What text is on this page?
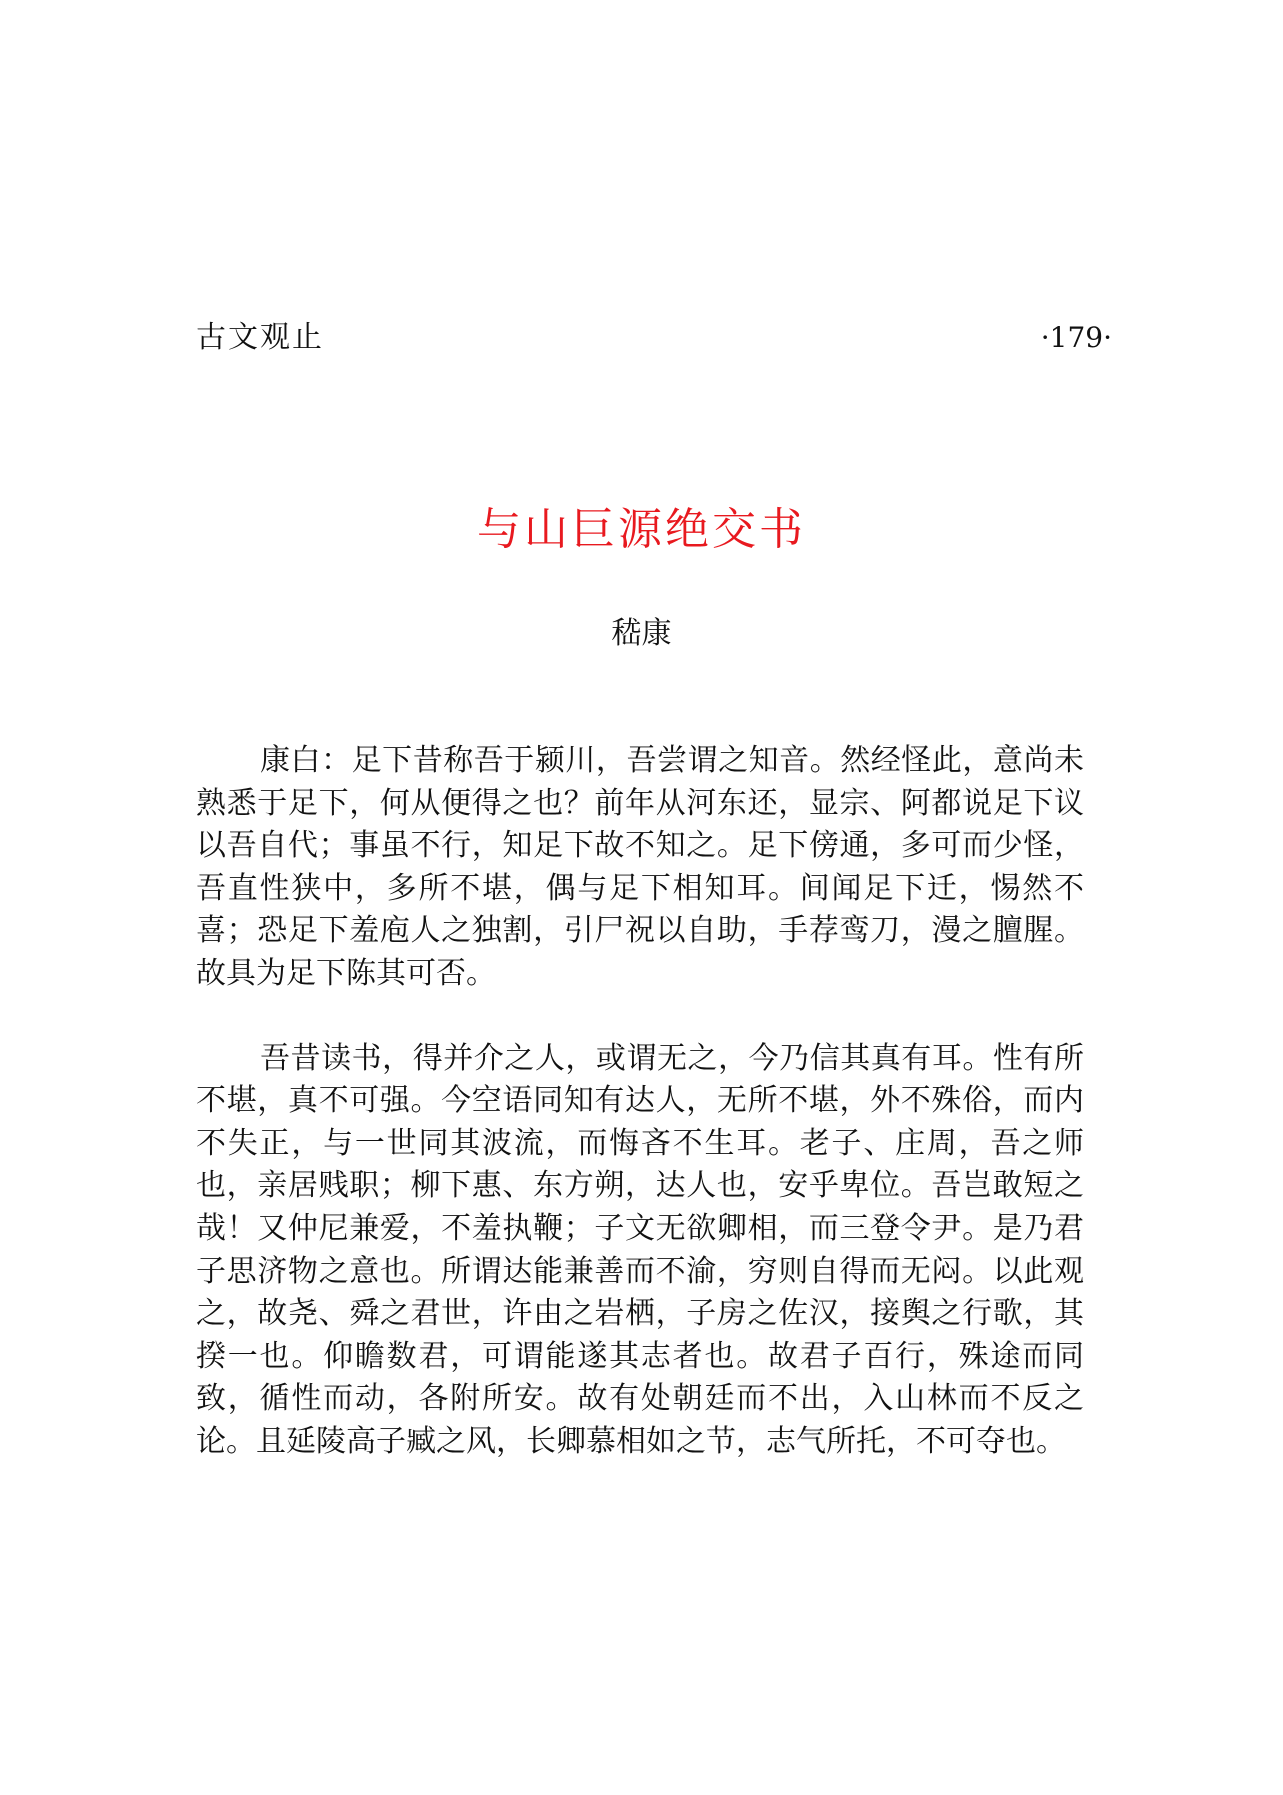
古文观止	·179·
与山巨源绝交书
嵇康

康白：足下昔称吾于颍川，吾尝谓之知音。然经怪此，意尚未熟悉于足下，何从便得之也？前年从河东还，显宗、阿都说足下议以吾自代；事虽不行，知足下故不知之。足下傍通，多可而少怪，吾直性狭中，多所不堪，偶与足下相知耳。间闻足下迁，惕然不喜；恐足下羞庖人之独割，引尸祝以自助，手荐鸾刀，漫之膻腥。故具为足下陈其可否。

吾昔读书，得并介之人，或谓无之，今乃信其真有耳。性有所不堪，真不可强。今空语同知有达人，无所不堪，外不殊俗，而内不失正，与一世同其波流，而悔吝不生耳。老子、庄周，吾之师也，亲居贱职；柳下惠、东方朔，达人也，安乎卑位。吾岂敢短之哉！又仲尼兼爱，不羞执鞭；子文无欲卿相，而三登令尹。是乃君子思济物之意也。所谓达能兼善而不渝，穷则自得而无闷。以此观之，故尧、舜之君世，许由之岩栖，子房之佐汉，接舆之行歌，其揆一也。仰瞻数君，可谓能遂其志者也。故君子百行，殊途而同致，循性而动，各附所安。故有处朝廷而不出，入山林而不反之论。且延陵高子臧之风，长卿慕相如之节，志气所托，不可夺也。
